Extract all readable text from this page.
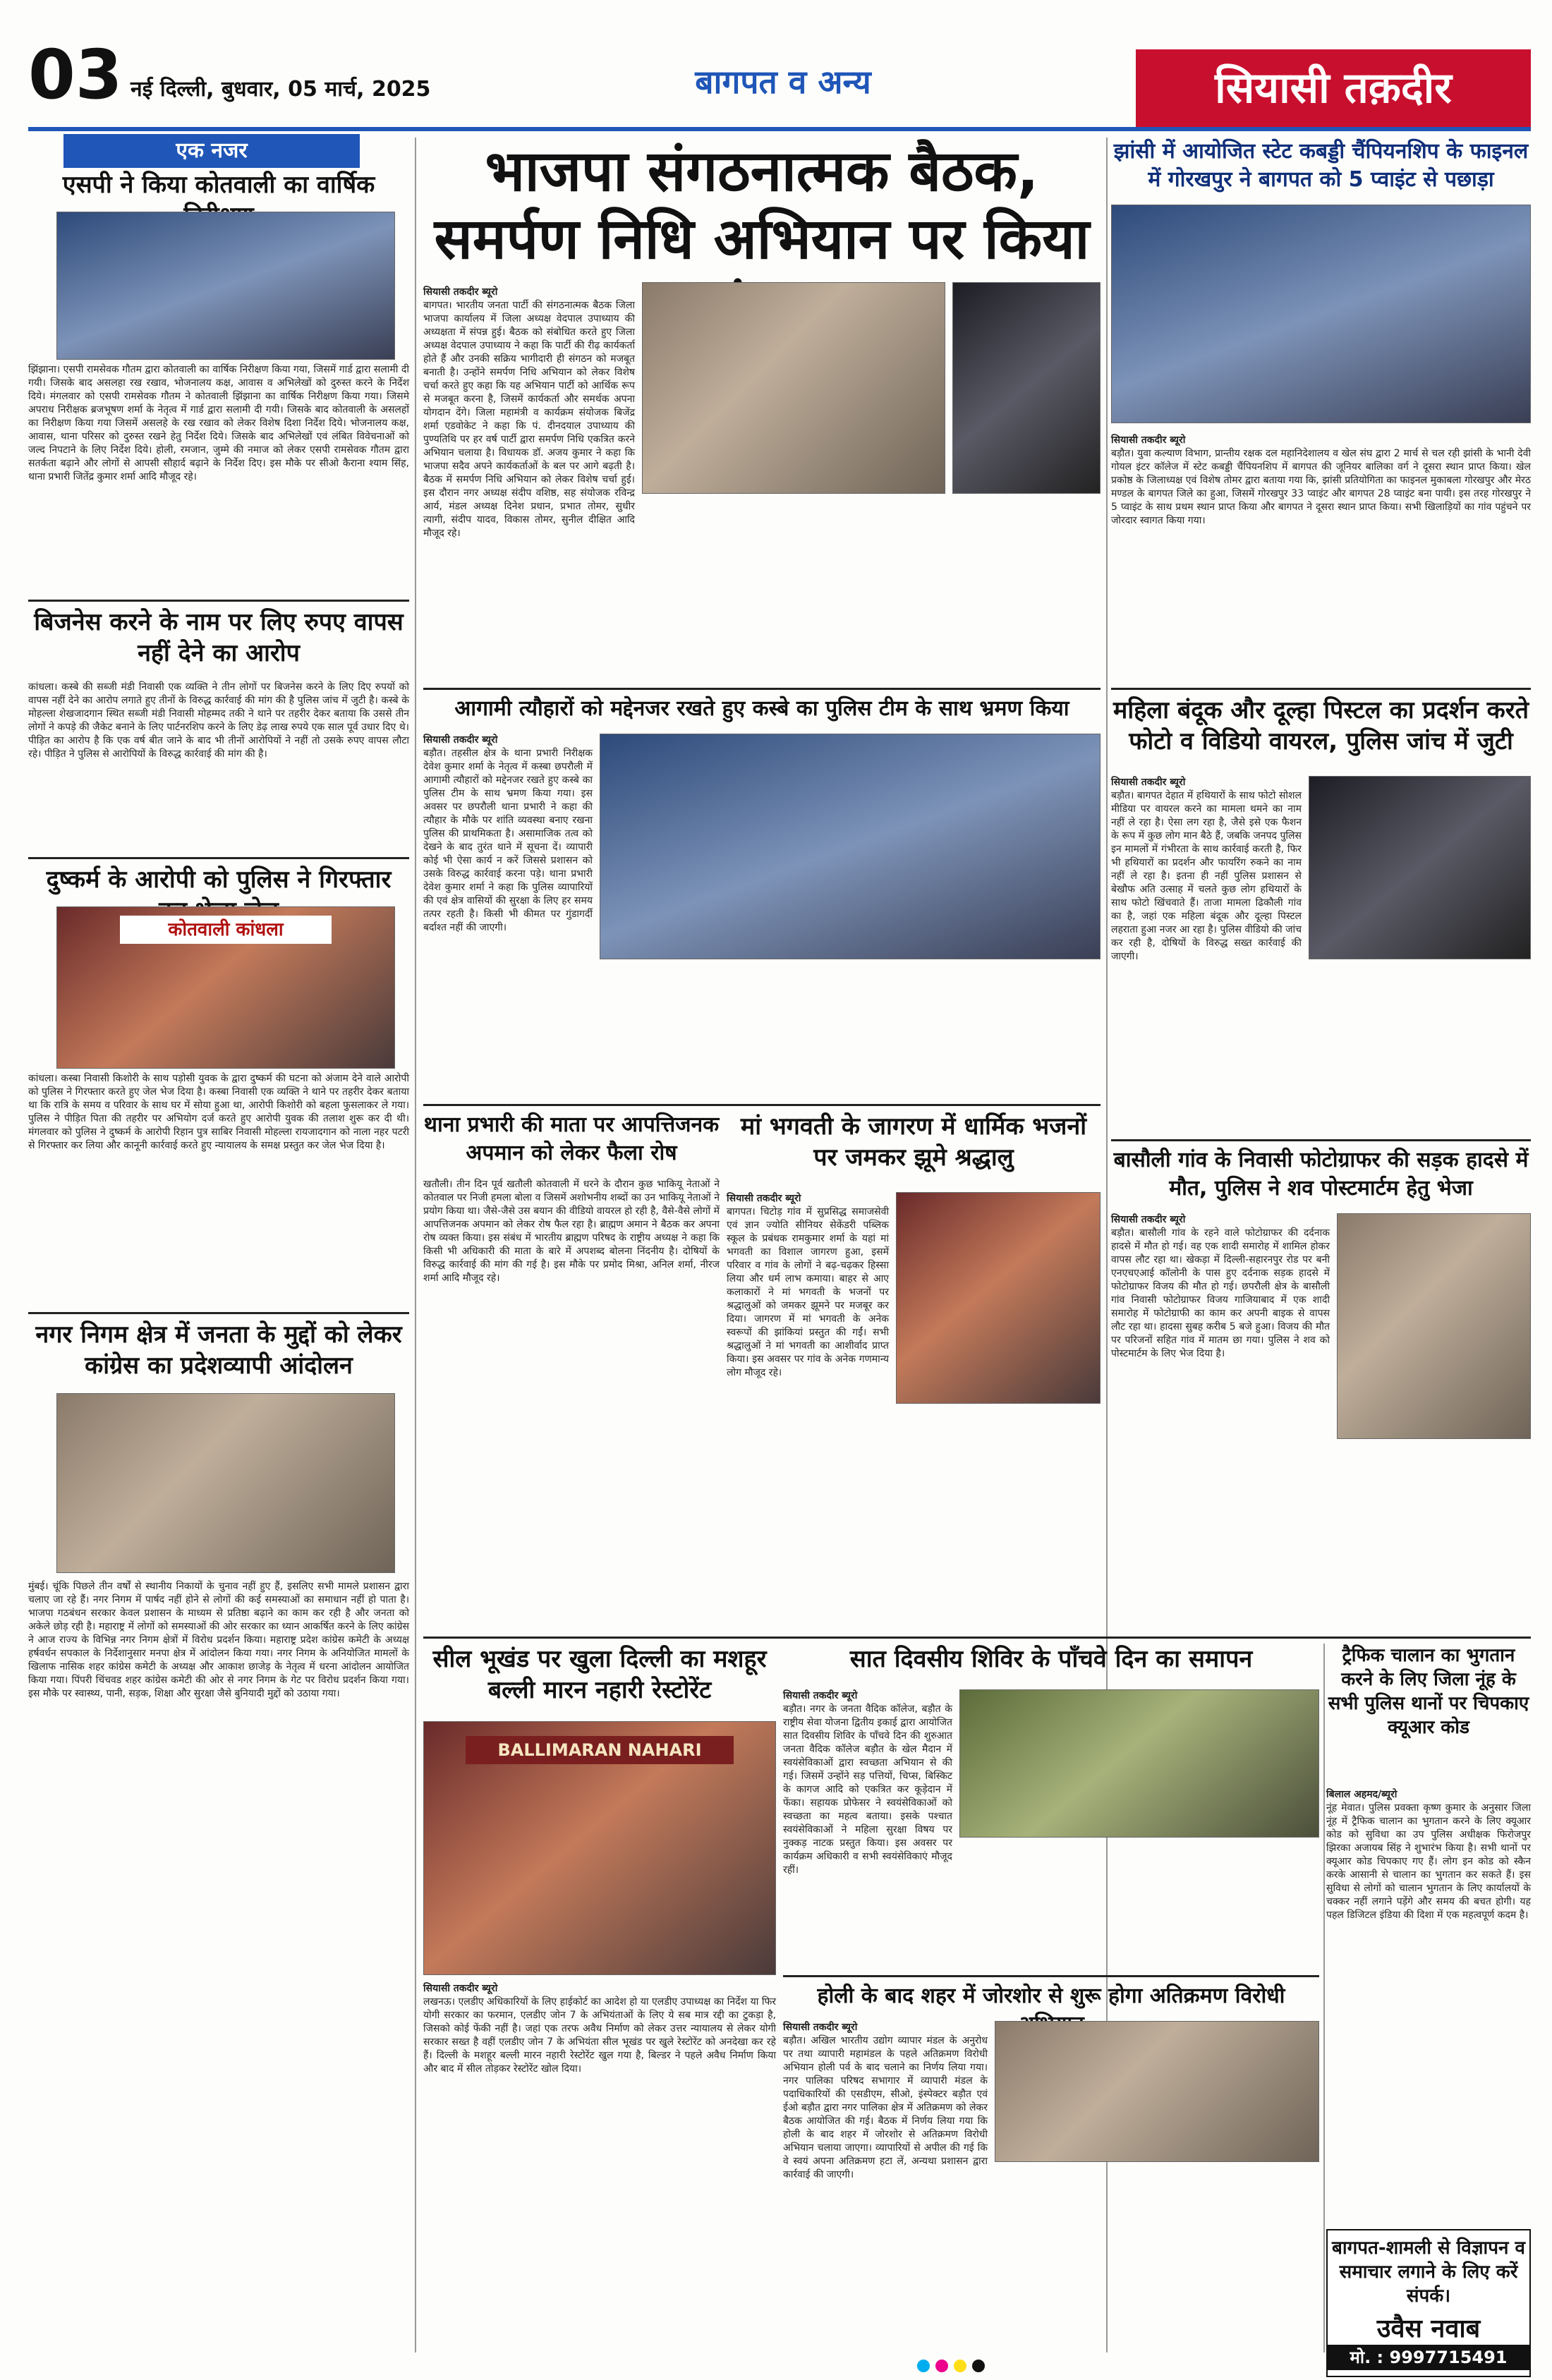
03 नई दिल्ली, बुधवार, 05 मार्च, 2025	बागपत व अन्य	सियासी तक़दीर
एक नजर
एसपी ने किया कोतवाली का वार्षिक
झिंझाना। एसपी रामसेवक गौतम द्वारा कोतवाली का वार्षिक निरीक्षण किया गया, जिसमें गार्ड द्वारा सलामी दी गयी। जिसके बाद असलहा रख रखाव, भोजनालय कक्ष, आवास व अभिलेखों को दुरुस्त करने के निर्देश दिये। मंगलवार को एसपी रामसेवक गौतम ने कोतवाली झिंझाना का वार्षिक निरीक्षण किया गया। जिसमे अपराध निरीक्षक ब्रजभूषण शर्मा के नेतृत्व में गार्ड द्वारा सलामी दी गयी। जिसके बाद कोतवाली के असलहों का निरीक्षण किया गया जिसमें असलहे के रख रखाव को लेकर विशेष दिशा निर्देश दिये। भोजनालय कक्ष, आवास, थाना परिसर को दुरुस्त रखने हेतु निर्देश दिये। जिसके बाद अभिलेखों एवं लंबित विवेचनाओं को जल्द निपटाने के लिए निर्देश दिये। होली, रमजान, जुम्मे की नमाज को लेकर एसपी रामसेवक गौतम द्वारा सतर्कता बढ़ाने और लोगों से आपसी सौहार्द बढ़ाने के निर्देश दिए। इस मौके पर सीओ कैराना श्याम सिंह, थाना प्रभारी जितेंद्र कुमार शर्मा आदि मौजूद रहे।
बिजनेस करने के नाम पर लिए रुपए वापस नहीं देने का आरोप
कांधला। कस्बे की सब्जी मंडी निवासी एक व्यक्ति ने तीन लोगों पर बिजनेस करने के लिए दिए रुपयों को वापस नहीं देने का आरोप लगाते हुए तीनों के विरुद्ध कार्रवाई की मांग की है पुलिस जांच में जुटी है। कस्बे के मोहल्ला शेखजादगान स्थित सब्जी मंडी निवासी मोहम्मद तकी ने थाने पर तहरीर देकर बताया कि उससे तीन लोगों ने कपड़े की जैकेट बनाने के लिए पार्टनरशिप करने के लिए डेढ़ लाख रुपये एक साल पूर्व उधार दिए थे। पीड़ित का आरोप है कि एक वर्ष बीत जाने के बाद भी तीनों आरोपियों ने नहीं तो उसके रुपए वापस लौटा रहे। पीड़ित ने पुलिस से आरोपियों के विरुद्ध कार्रवाई की मांग की है।
दुष्कर्म के आरोपी को पुलिस ने गिरफ्तार
कोतवाली कांधला
कांधला। कस्बा निवासी किशोरी के साथ पड़ोसी युवक के द्वारा दुष्कर्म की घटना को अंजाम देने वाले आरोपी को पुलिस ने गिरफ्तार करते हुए जेल भेज दिया है। कस्बा निवासी एक व्यक्ति ने थाने पर तहरीर देकर बताया था कि रात्रि के समय व परिवार के साथ घर में सोया हुआ था, आरोपी किशोरी को बहला फुसलाकर ले गया। पुलिस ने पीड़ित पिता की तहरीर पर अभियोग दर्ज करते हुए आरोपी युवक की तलाश शुरू कर दी थी। मंगलवार को पुलिस ने दुष्कर्म के आरोपी रिहान पुत्र साबिर निवासी मोहल्ला रायजादगान को नाला नहर पटरी से गिरफ्तार कर लिया और कानूनी कार्रवाई करते हुए न्यायालय के समक्ष प्रस्तुत कर जेल भेज दिया है।
नगर निगम क्षेत्र में जनता के मुद्दों को लेकर कांग्रेस का प्रदेशव्यापी आंदोलन
मुंबई। चूंकि पिछले तीन वर्षों से स्थानीय निकायों के चुनाव नहीं हुए हैं, इसलिए सभी मामले प्रशासन द्वारा चलाए जा रहे हैं। नगर निगम में पार्षद नहीं होने से लोगों की कई समस्याओं का समाधान नहीं हो पाता है। भाजपा गठबंधन सरकार केवल प्रशासन के माध्यम से प्रतिष्ठा बढ़ाने का काम कर रही है और जनता को अकेले छोड़ रही है। महाराष्ट्र में लोगों को समस्याओं की ओर सरकार का ध्यान आकर्षित करने के लिए कांग्रेस ने आज राज्य के विभिन्न नगर निगम क्षेत्रों में विरोध प्रदर्शन किया। महाराष्ट्र प्रदेश कांग्रेस कमेटी के अध्यक्ष हर्षवर्धन सपकाल के निर्देशानुसार मनपा क्षेत्र में आंदोलन किया गया। नगर निगम के अनियोजित मामलों के खिलाफ नासिक शहर कांग्रेस कमेटी के अध्यक्ष और आकाश छाजेड़ के नेतृत्व में धरना आंदोलन आयोजित किया गया। पिंपरी चिंचवड शहर कांग्रेस कमेटी की ओर से नगर निगम के गेट पर विरोध प्रदर्शन किया गया। इस मौके पर स्वास्थ्य, पानी, सड़क, शिक्षा और सुरक्षा जैसे बुनियादी मुद्दों को उठाया गया।
भाजपा संगठनात्मक बैठक, समर्पण निधि अभियान पर किया
सियासी तकदीर ब्यूरो
बागपत। भारतीय जनता पार्टी की संगठनात्मक बैठक जिला भाजपा कार्यालय में जिला अध्यक्ष वेदपाल उपाध्याय की अध्यक्षता में संपन्न हुई। बैठक को संबोधित करते हुए जिला अध्यक्ष वेदपाल उपाध्याय ने कहा कि पार्टी की रीढ़ कार्यकर्ता होते हैं और उनकी सक्रिय भागीदारी ही संगठन को मजबूत बनाती है। उन्होंने समर्पण निधि अभियान को लेकर विशेष चर्चा करते हुए कहा कि यह अभियान पार्टी को आर्थिक रूप से मजबूत करना है, जिसमें कार्यकर्ता और समर्थक अपना योगदान देंगे। जिला महामंत्री व कार्यक्रम संयोजक बिजेंद्र शर्मा एडवोकेट ने कहा कि पं. दीनदयाल उपाध्याय की पुण्यतिथि पर हर वर्ष पार्टी द्वारा समर्पण निधि एकत्रित करने अभियान चलाया है। विधायक डॉ. अजय कुमार ने कहा कि भाजपा सदैव अपने कार्यकर्ताओं के बल पर आगे बढ़ती है। बैठक में समर्पण निधि अभियान को लेकर विशेष चर्चा हुई। इस दौरान नगर अध्यक्ष संदीप वशिष्ठ, सह संयोजक रविन्द्र आर्य, मंडल अध्यक्ष दिनेश प्रधान, प्रभात तोमर, सुधीर त्यागी, संदीप यादव, विकास तोमर, सुनील दीक्षित आदि मौजूद रहे।
झांसी में आयोजित स्टेट कबड्डी चैंपियनशिप के फाइनल में गोरखपुर ने बागपत को 5 प्वाइंट से पछाड़ा
सियासी तकदीर ब्यूरो
बड़ौत। युवा कल्याण विभाग, प्रान्तीय रक्षक दल महानिदेशालय व खेल संघ द्वारा 2 मार्च से चल रही झांसी के भानी देवी गोयल इंटर कॉलेज में स्टेट कबड्डी चैंपियनशिप में बागपत की जूनियर बालिका वर्ग ने दूसरा स्थान प्राप्त किया। खेल प्रकोष्ठ के जिलाध्यक्ष एवं विशेष तोमर द्वारा बताया गया कि, झांसी प्रतियोगिता का फाइनल मुकाबला गोरखपुर और मेरठ मण्डल के बागपत जिले का हुआ, जिसमें गोरखपुर 33 प्वाइंट और बागपत 28 प्वाइंट बना पायी। इस तरह गोरखपुर ने 5 प्वाइंट के साथ प्रथम स्थान प्राप्त किया और बागपत ने दूसरा स्थान प्राप्त किया। सभी खिलाड़ियों का गांव पहुंचने पर जोरदार स्वागत किया गया।
आगामी त्यौहारों को मद्देनजर रखते हुए कस्बे का पुलिस टीम के साथ भ्रमण किया
सियासी तकदीर ब्यूरो
बड़ौत। तहसील क्षेत्र के थाना प्रभारी निरीक्षक देवेश कुमार शर्मा के नेतृत्व में कस्बा छपरौली में आगामी त्यौहारों को मद्देनजर रखते हुए कस्बे का पुलिस टीम के साथ भ्रमण किया गया। इस अवसर पर छपरौली थाना प्रभारी ने कहा की त्यौहार के मौके पर शांति व्यवस्था बनाए रखना पुलिस की प्राथमिकता है। असामाजिक तत्व को देखने के बाद तुरंत थाने में सूचना दें। व्यापारी कोई भी ऐसा कार्य न करें जिससे प्रशासन को उसके विरुद्ध कार्रवाई करना पड़े। थाना प्रभारी देवेश कुमार शर्मा ने कहा कि पुलिस व्यापारियों की एवं क्षेत्र वासियों की सुरक्षा के लिए हर समय तत्पर रहती है। किसी भी कीमत पर गुंडागर्दी बर्दाश्त नहीं की जाएगी।
थाना प्रभारी की माता पर आपत्तिजनक अपमान को लेकर फैला रोष
खतौली। तीन दिन पूर्व खतौली कोतवाली में धरने के दौरान कुछ भाकियू नेताओं ने कोतवाल पर निजी हमला बोला व जिसमें अशोभनीय शब्दों का उन भाकियू नेताओं ने प्रयोग किया था। जैसे-जैसे उस बयान की वीडियो वायरल हो रही है, वैसे-वैसे लोगों में आपत्तिजनक अपमान को लेकर रोष फैल रहा है। ब्राह्मण अमान ने बैठक कर अपना रोष व्यक्त किया। इस संबंध में भारतीय ब्राह्मण परिषद के राष्ट्रीय अध्यक्ष ने कहा कि किसी भी अधिकारी की माता के बारे में अपशब्द बोलना निंदनीय है। दोषियों के विरुद्ध कार्रवाई की मांग की गई है। इस मौके पर प्रमोद मिश्रा, अनिल शर्मा, नीरज शर्मा आदि मौजूद रहे।
मां भगवती के जागरण में धार्मिक भजनों पर जमकर झूमे श्रद्धालु
सियासी तकदीर ब्यूरो
बागपत। चिटोड़ गांव में सुप्रसिद्ध समाजसेवी एवं ज्ञान ज्योति सीनियर सेकेंडरी पब्लिक स्कूल के प्रबंधक रामकुमार शर्मा के यहां मां भगवती का विशाल जागरण हुआ, इसमें परिवार व गांव के लोगों ने बढ़-चढ़कर हिस्सा लिया और धर्म लाभ कमाया। बाहर से आए कलाकारों ने मां भगवती के भजनों पर श्रद्धालुओं को जमकर झूमने पर मजबूर कर दिया। जागरण में मां भगवती के अनेक स्वरूपों की झांकियां प्रस्तुत की गईं। सभी श्रद्धालुओं ने मां भगवती का आशीर्वाद प्राप्त किया। इस अवसर पर गांव के अनेक गणमान्य लोग मौजूद रहे।
महिला बंदूक और दूल्हा पिस्टल का प्रदर्शन करते फोटो व विडियो वायरल, पुलिस जांच में जुटी
सियासी तकदीर ब्यूरो
बड़ौत। बागपत देहात में हथियारों के साथ फोटो सोशल मीडिया पर वायरल करने का मामला थमने का नाम नहीं ले रहा है। ऐसा लग रहा है, जैसे इसे एक फैशन के रूप में कुछ लोग मान बैठे हैं, जबकि जनपद पुलिस इन मामलों में गंभीरता के साथ कार्रवाई करती है, फिर भी हथियारों का प्रदर्शन और फायरिंग रुकने का नाम नहीं ले रहा है। इतना ही नहीं पुलिस प्रशासन से बेखौफ अति उत्साह में चलते कुछ लोग हथियारों के साथ फोटो खिंचवाते हैं। ताजा मामला ढिकौली गांव का है, जहां एक महिला बंदूक और दूल्हा पिस्टल लहराता हुआ नजर आ रहा है। पुलिस वीडियो की जांच कर रही है, दोषियों के विरुद्ध सख्त कार्रवाई की जाएगी।
बासौली गांव के निवासी फोटोग्राफर की सड़क हादसे में मौत, पुलिस ने शव पोस्टमार्टम हेतु भेजा
सियासी तकदीर ब्यूरो
बड़ौत। बासौली गांव के रहने वाले फोटोग्राफर की दर्दनाक हादसे में मौत हो गई। वह एक शादी समारोह में शामिल होकर वापस लौट रहा था। खेकड़ा में दिल्ली-सहारनपुर रोड पर बनी एनएचएआई कॉलोनी के पास हुए दर्दनाक सड़क हादसे में फोटोग्राफर विजय की मौत हो गई। छपरौली क्षेत्र के बासौली गांव निवासी फोटोग्राफर विजय गाजियाबाद में एक शादी समारोह में फोटोग्राफी का काम कर अपनी बाइक से वापस लौट रहा था। हादसा सुबह करीब 5 बजे हुआ। विजय की मौत पर परिजनों सहित गांव में मातम छा गया। पुलिस ने शव को पोस्टमार्टम के लिए भेज दिया है।
सील भूखंड पर खुला दिल्ली का मशहूर बल्ली मारन नहारी रेस्टोरेंट
BALLIMARAN NAHARI
सियासी तकदीर ब्यूरो
लखनऊ। एलडीए अधिकारियों के लिए हाईकोर्ट का आदेश हो या एलडीए उपाध्यक्ष का निर्देश या फिर योगी सरकार का फरमान, एलडीए जोन 7 के अभियंताओं के लिए ये सब मात्र रद्दी का टुकड़ा है, जिसको कोई फेंकी नहीं है। जहां एक तरफ अवैध निर्माण को लेकर उत्तर न्यायालय से लेकर योगी सरकार सख्त है वहीं एलडीए जोन 7 के अभियंता सील भूखंड पर खुले रेस्टोरेंट को अनदेखा कर रहे हैं। दिल्ली के मशहूर बल्ली मारन नहारी रेस्टोरेंट खुल गया है, बिल्डर ने पहले अवैध निर्माण किया और बाद में सील तोड़कर रेस्टोरेंट खोल दिया।
सात दिवसीय शिविर के पाँचवे दिन का समापन
सियासी तकदीर ब्यूरो
बड़ौत। नगर के जनता वैदिक कॉलेज, बड़ौत के राष्ट्रीय सेवा योजना द्वितीय इकाई द्वारा आयोजित सात दिवसीय शिविर के पाँचवे दिन की शुरुआत जनता वैदिक कॉलेज बड़ौत के खेल मैदान में स्वयंसेविकाओं द्वारा स्वच्छता अभियान से की गई। जिसमें उन्होंने सड़ पत्तियों, चिप्स, बिस्किट के कागज आदि को एकत्रित कर कूड़ेदान में फेंका। सहायक प्रोफेसर ने स्वयंसेविकाओं को स्वच्छता का महत्व बताया। इसके पश्चात स्वयंसेविकाओं ने महिला सुरक्षा विषय पर नुक्कड़ नाटक प्रस्तुत किया। इस अवसर पर कार्यक्रम अधिकारी व सभी स्वयंसेविकाएं मौजूद रहीं।
होली के बाद शहर में जोरशोर से शुरू होगा अतिक्रमण विरोधी
सियासी तकदीर ब्यूरो
बड़ौत। अखिल भारतीय उद्योग व्यापार मंडल के अनुरोध पर तथा व्यापारी महामंडल के पहले अतिक्रमण विरोधी अभियान होली पर्व के बाद चलाने का निर्णय लिया गया। नगर पालिका परिषद सभागार में व्यापारी मंडल के पदाधिकारियों की एसडीएम, सीओ, इंस्पेक्टर बड़ौत एवं ईओ बड़ौत द्वारा नगर पालिका क्षेत्र में अतिक्रमण को लेकर बैठक आयोजित की गई। बैठक में निर्णय लिया गया कि होली के बाद शहर में जोरशोर से अतिक्रमण विरोधी अभियान चलाया जाएगा। व्यापारियों से अपील की गई कि वे स्वयं अपना अतिक्रमण हटा लें, अन्यथा प्रशासन द्वारा कार्रवाई की जाएगी।
ट्रैफिक चालान का भुगतान करने के लिए जिला नूंह के सभी पुलिस थानों पर चिपकाए क्यूआर कोड
बिलाल अहमद/ब्यूरो
नूंह मेवात। पुलिस प्रवक्ता कृष्ण कुमार के अनुसार जिला नूंह में ट्रैफिक चालान का भुगतान करने के लिए क्यूआर कोड को सुविधा का उप पुलिस अधीक्षक फिरोजपुर झिरका अजायब सिंह ने शुभारंभ किया है। सभी थानों पर क्यूआर कोड चिपकाए गए हैं। लोग इन कोड को स्कैन करके आसानी से चालान का भुगतान कर सकते हैं। इस सुविधा से लोगों को चालान भुगतान के लिए कार्यालयों के चक्कर नहीं लगाने पड़ेंगे और समय की बचत होगी। यह पहल डिजिटल इंडिया की दिशा में एक महत्वपूर्ण कदम है।
बागपत-शामली से विज्ञापन व समाचार लगाने के लिए करें संपर्क।
उवैस नवाब
मो. : 9997715491
